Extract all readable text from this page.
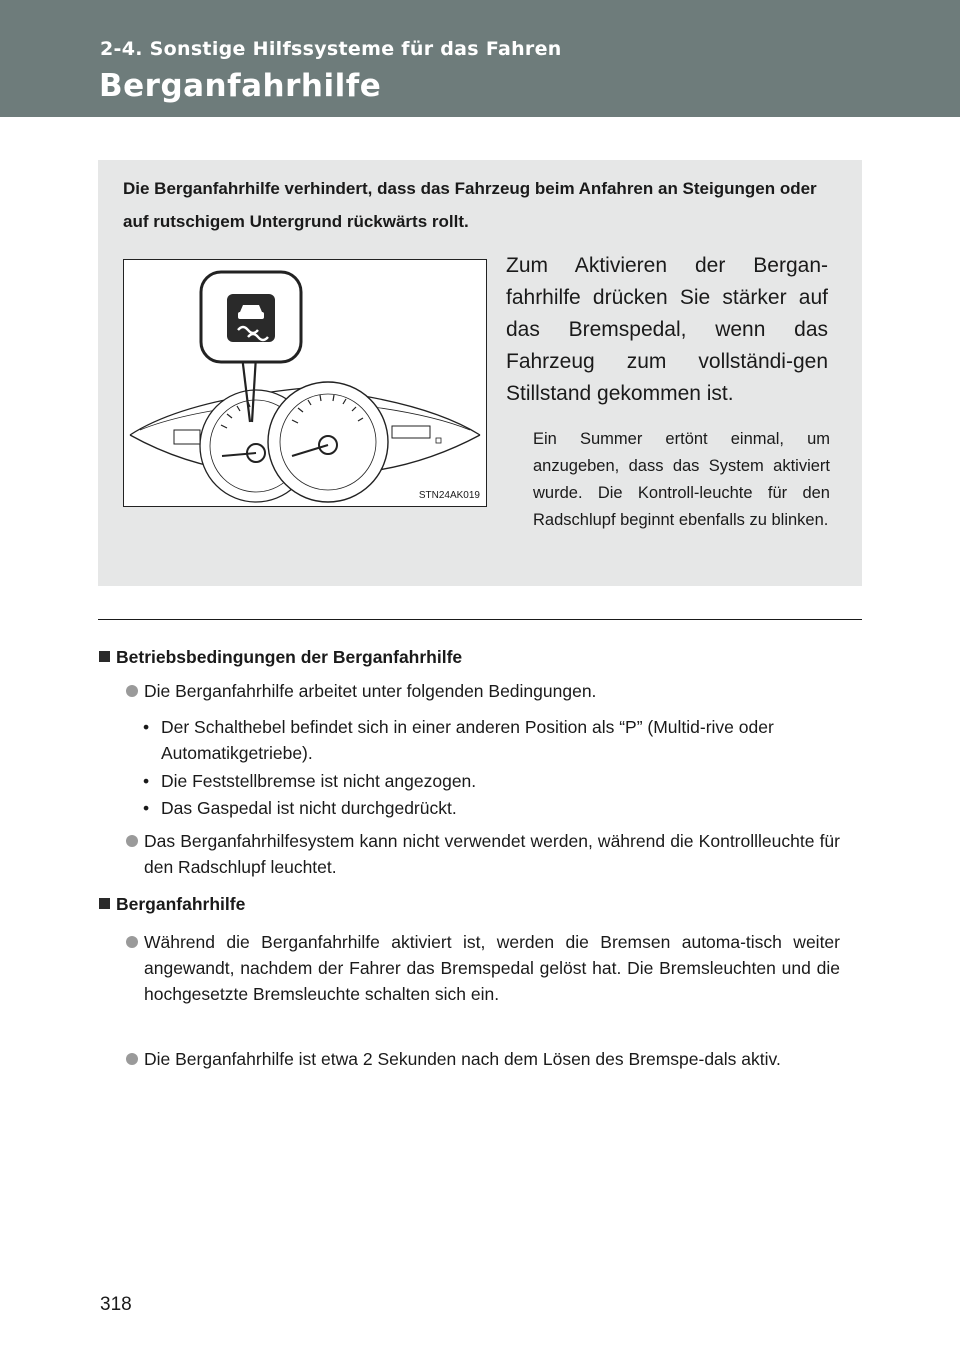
2-4. Sonstige Hilfssysteme für das Fahren
Berganfahrhilfe
Die Berganfahrhilfe verhindert, dass das Fahrzeug beim Anfahren an Steigungen oder auf rutschigem Untergrund rückwärts rollt.
STN24AK019
Zum Aktivieren der Bergan-fahrhilfe drücken Sie stärker auf das Bremspedal, wenn das Fahrzeug zum vollständi-gen Stillstand gekommen ist.
Ein Summer ertönt einmal, um anzugeben, dass das System aktiviert wurde. Die Kontroll-leuchte für den Radschlupf beginnt ebenfalls zu blinken.
Betriebsbedingungen der Berganfahrhilfe
Die Berganfahrhilfe arbeitet unter folgenden Bedingungen.
• Der Schalthebel befindet sich in einer anderen Position als “P” (Multid-rive oder Automatikgetriebe).
• Die Feststellbremse ist nicht angezogen.
• Das Gaspedal ist nicht durchgedrückt.
Das Berganfahrhilfesystem kann nicht verwendet werden, während die Kontrollleuchte für den Radschlupf leuchtet.
Berganfahrhilfe
Während die Berganfahrhilfe aktiviert ist, werden die Bremsen automa-tisch weiter angewandt, nachdem der Fahrer das Bremspedal gelöst hat. Die Bremsleuchten und die hochgesetzte Bremsleuchte schalten sich ein.
Die Berganfahrhilfe ist etwa 2 Sekunden nach dem Lösen des Bremspe-dals aktiv.
318
